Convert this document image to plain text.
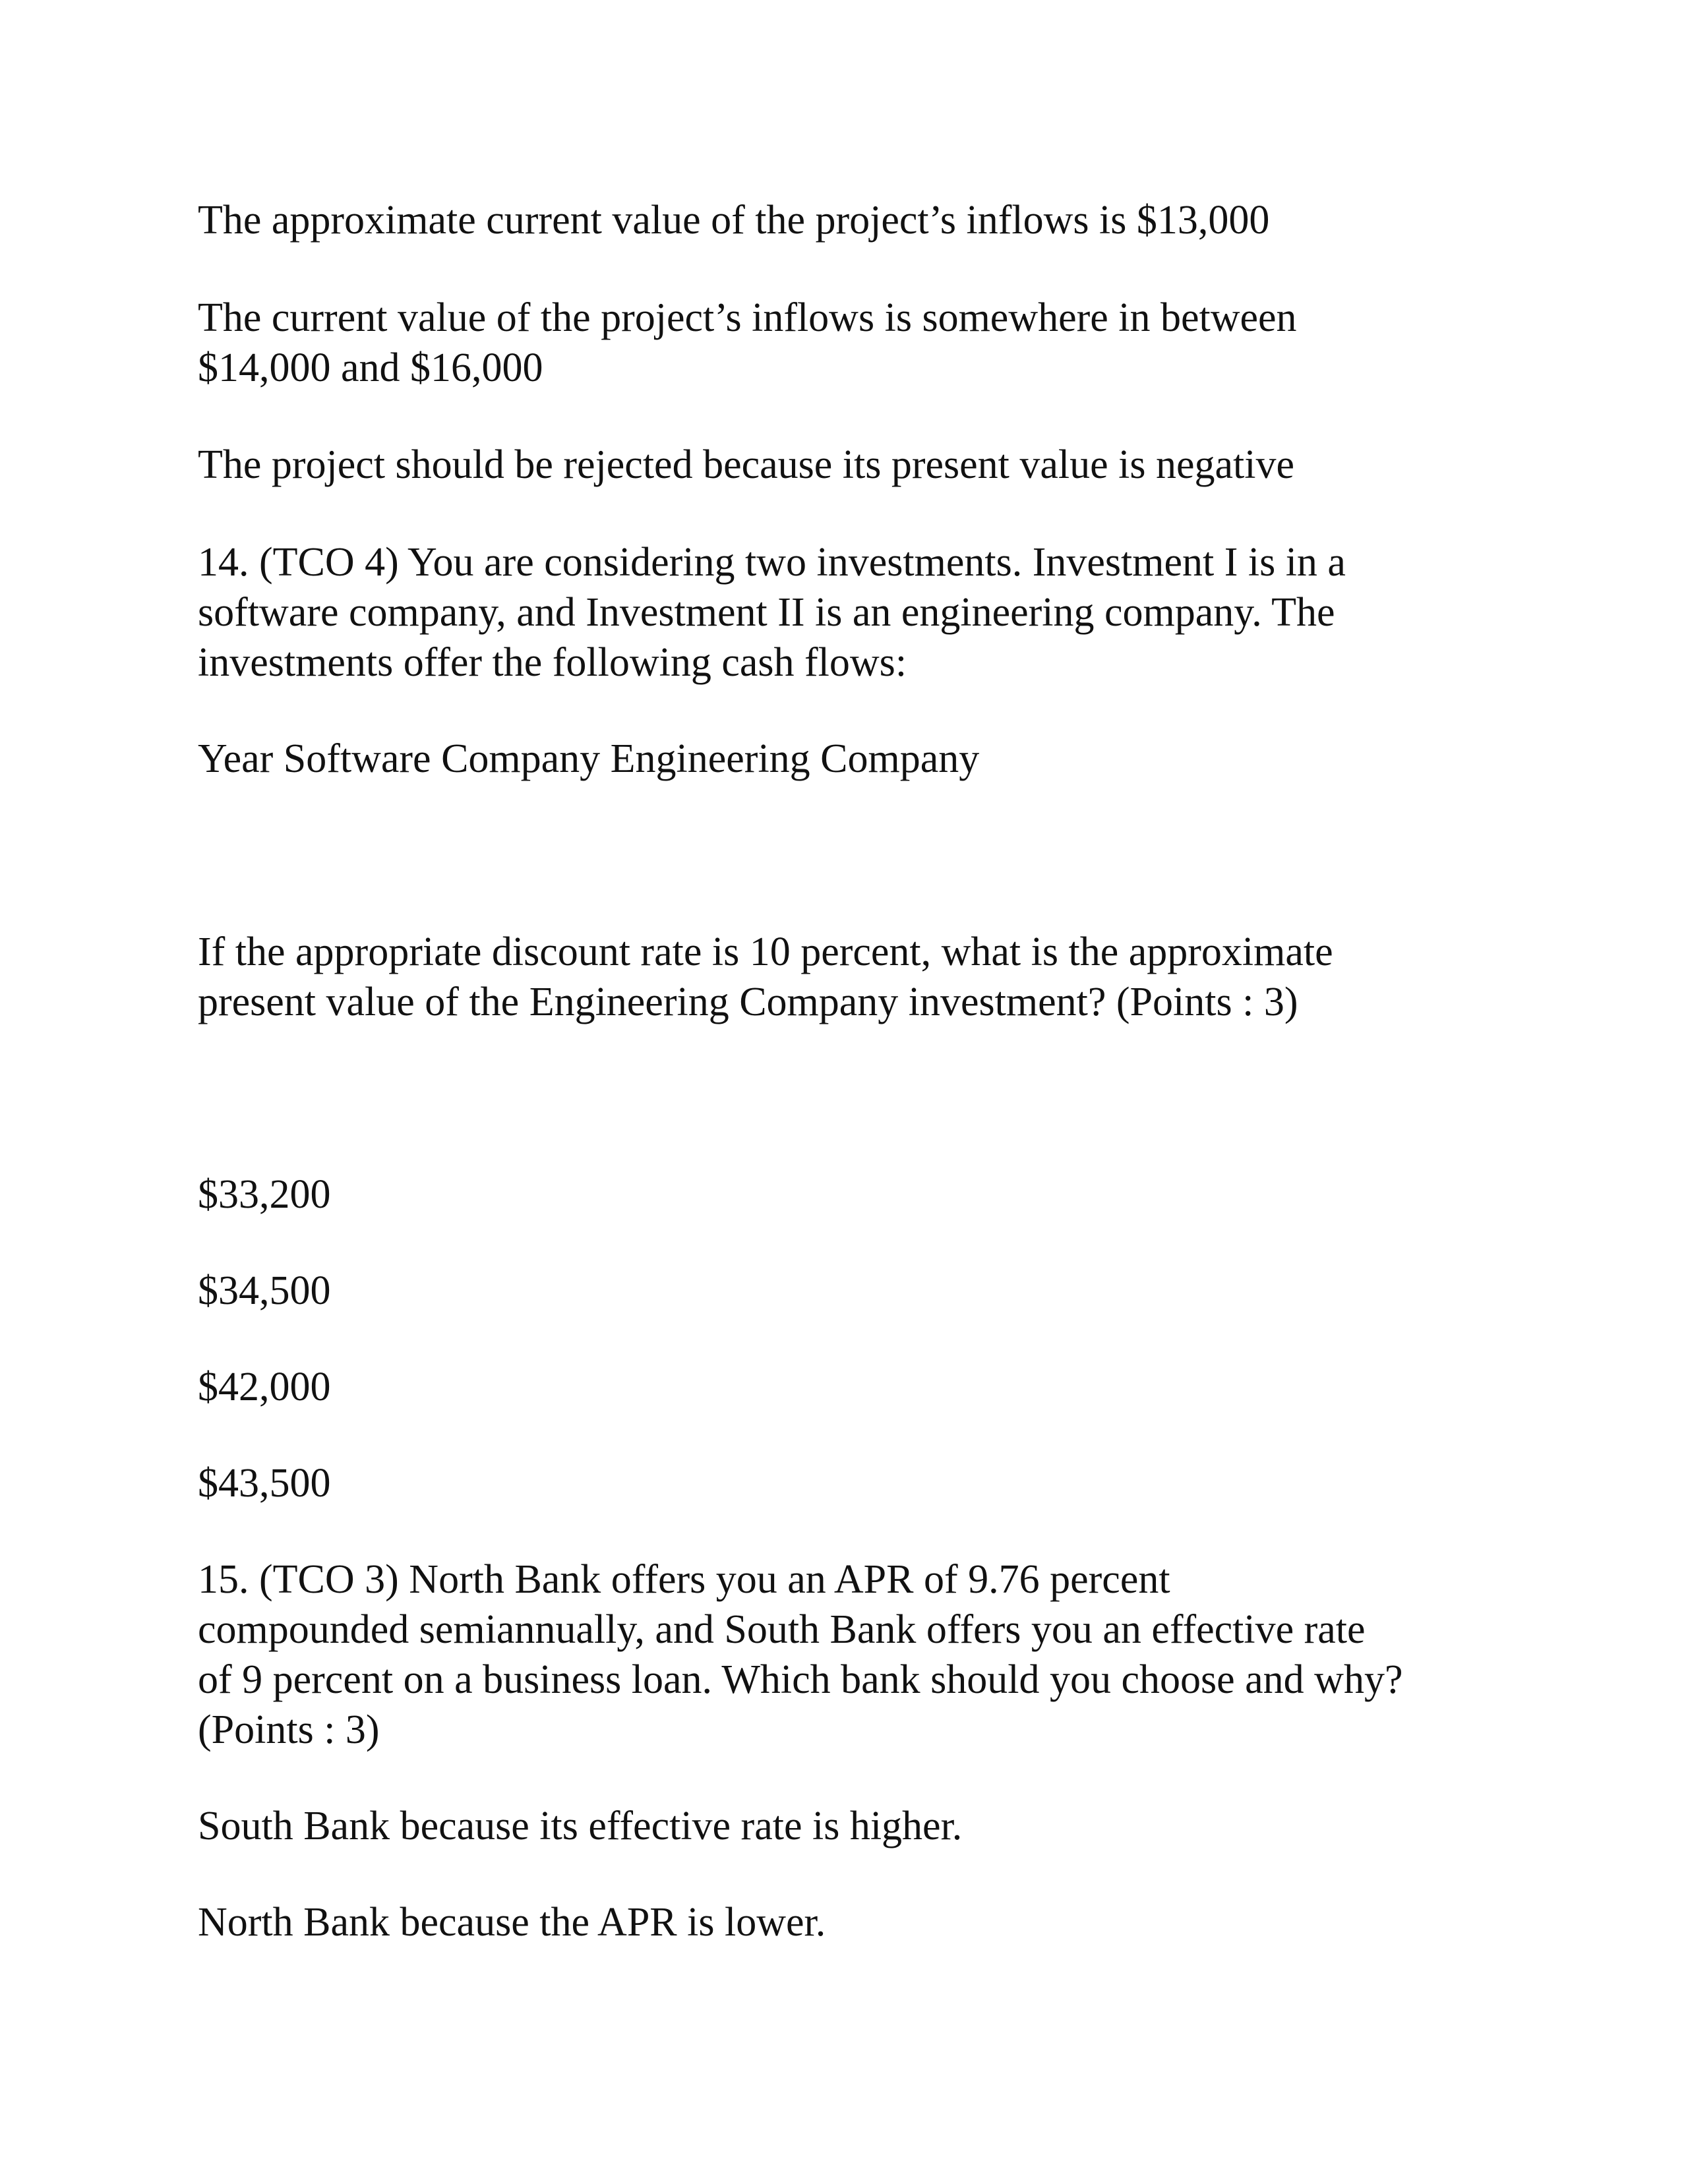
The approximate current value of the project’s inflows is $13,000

The current value of the project’s inflows is somewhere in between

$14,000 and $16,000

The project should be rejected because its present value is negative

14. (TCO 4) You are considering two investments. Investment I is in a

software company, and Investment II is an engineering company. The

investments offer the following cash flows:

Year Software Company Engineering Company

If the appropriate discount rate is 10 percent, what is the approximate

present value of the Engineering Company investment? (Points : 3)

$33,200

$34,500

$42,000

$43,500

15. (TCO 3) North Bank offers you an APR of 9.76 percent

compounded semiannually, and South Bank offers you an effective rate

of 9 percent on a business loan. Which bank should you choose and why?

(Points : 3)

South Bank because its effective rate is higher.

North Bank because the APR is lower.
